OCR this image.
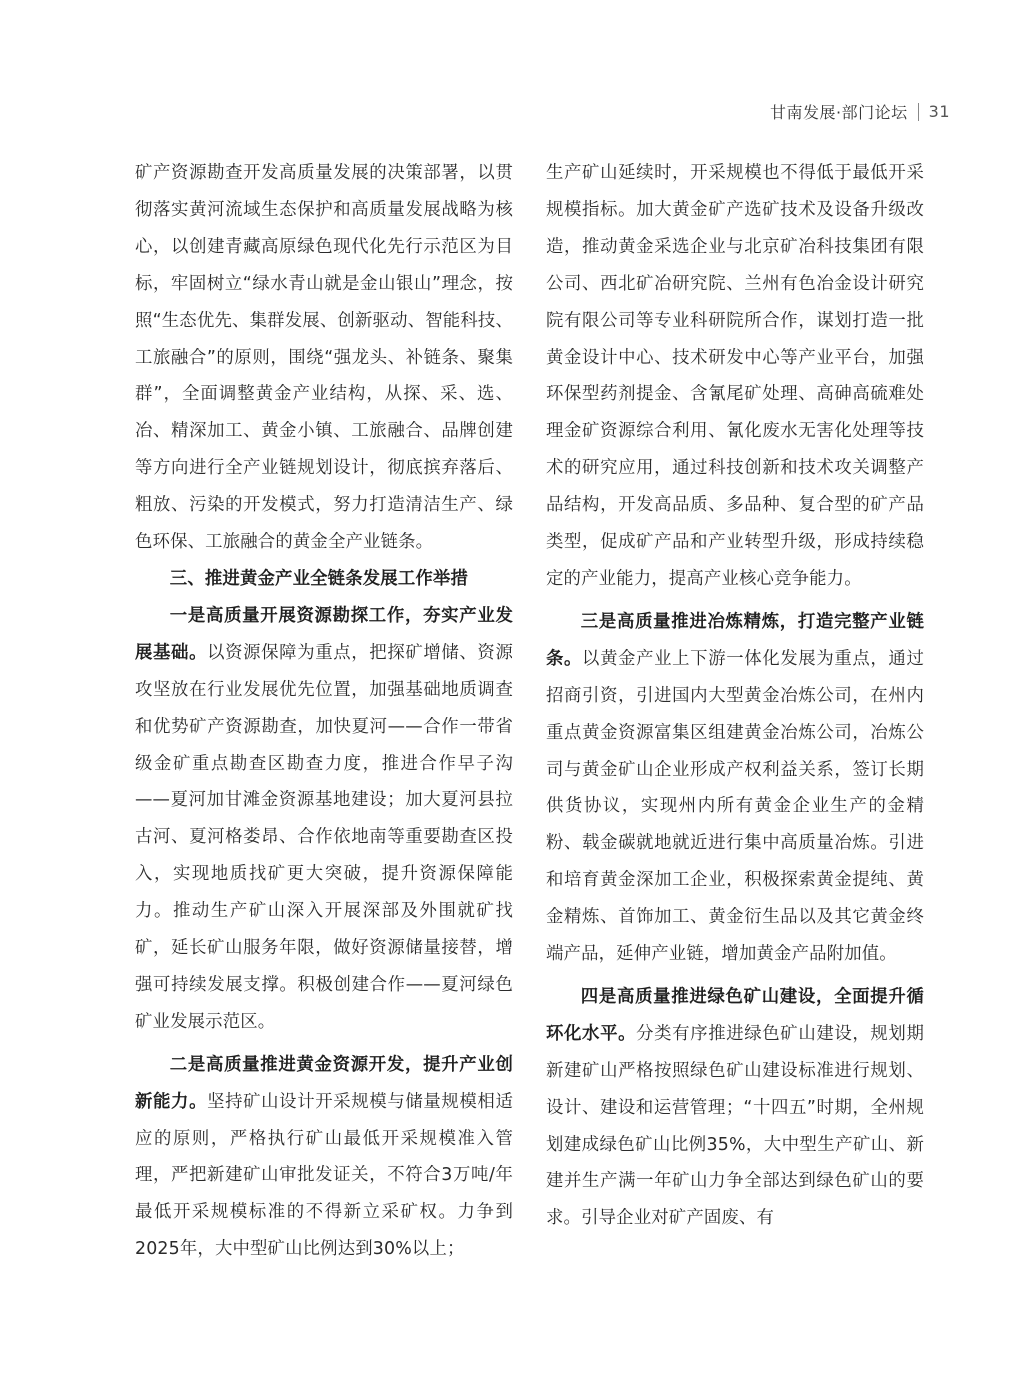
甘南发展·部门论坛 31

矿产资源勘查开发高质量发展的决策部署，以贯彻落实黄河流域生态保护和高质量发展战略为核心，以创建青藏高原绿色现代化先行示范区为目标，牢固树立“绿水青山就是金山银山”理念，按照“生态优先、集群发展、创新驱动、智能科技、工旅融合”的原则，围绕“强龙头、补链条、聚集群”，全面调整黄金产业结构，从探、采、选、冶、精深加工、黄金小镇、工旅融合、品牌创建等方向进行全产业链规划设计，彻底摈弃落后、粗放、污染的开发模式，努力打造清洁生产、绿色环保、工旅融合的黄金全产业链条。

三、推进黄金产业全链条发展工作举措

一是高质量开展资源勘探工作，夯实产业发展基础。以资源保障为重点，把探矿增储、资源攻坚放在行业发展优先位置，加强基础地质调查和优势矿产资源勘查，加快夏河——合作一带省级金矿重点勘查区勘查力度，推进合作早子沟——夏河加甘滩金资源基地建设；加大夏河县拉古河、夏河格娄昂、合作依地南等重要勘查区投入，实现地质找矿更大突破，提升资源保障能力。推动生产矿山深入开展深部及外围就矿找矿，延长矿山服务年限，做好资源储量接替，增强可持续发展支撑。积极创建合作——夏河绿色矿业发展示范区。

二是高质量推进黄金资源开发，提升产业创新能力。坚持矿山设计开采规模与储量规模相适应的原则，严格执行矿山最低开采规模准入管理，严把新建矿山审批发证关，不符合3万吨/年最低开采规模标准的不得新立采矿权。力争到2025年，大中型矿山比例达到30%以上；

生产矿山延续时，开采规模也不得低于最低开采规模指标。加大黄金矿产选矿技术及设备升级改造，推动黄金采选企业与北京矿冶科技集团有限公司、西北矿冶研究院、兰州有色冶金设计研究院有限公司等专业科研院所合作，谋划打造一批黄金设计中心、技术研发中心等产业平台，加强环保型药剂提金、含氰尾矿处理、高砷高硫难处理金矿资源综合利用、氰化废水无害化处理等技术的研究应用，通过科技创新和技术攻关调整产品结构，开发高品质、多品种、复合型的矿产品类型，促成矿产品和产业转型升级，形成持续稳定的产业能力，提高产业核心竞争能力。

三是高质量推进冶炼精炼，打造完整产业链条。以黄金产业上下游一体化发展为重点，通过招商引资，引进国内大型黄金冶炼公司，在州内重点黄金资源富集区组建黄金冶炼公司，冶炼公司与黄金矿山企业形成产权利益关系，签订长期供货协议，实现州内所有黄金企业生产的金精粉、载金碳就地就近进行集中高质量冶炼。引进和培育黄金深加工企业，积极探索黄金提纯、黄金精炼、首饰加工、黄金衍生品以及其它黄金终端产品，延伸产业链，增加黄金产品附加值。

四是高质量推进绿色矿山建设，全面提升循环化水平。分类有序推进绿色矿山建设，规划期新建矿山严格按照绿色矿山建设标准进行规划、设计、建设和运营管理；“十四五”时期，全州规划建成绿色矿山比例35%，大中型生产矿山、新建并生产满一年矿山力争全部达到绿色矿山的要求。引导企业对矿产固废、有
